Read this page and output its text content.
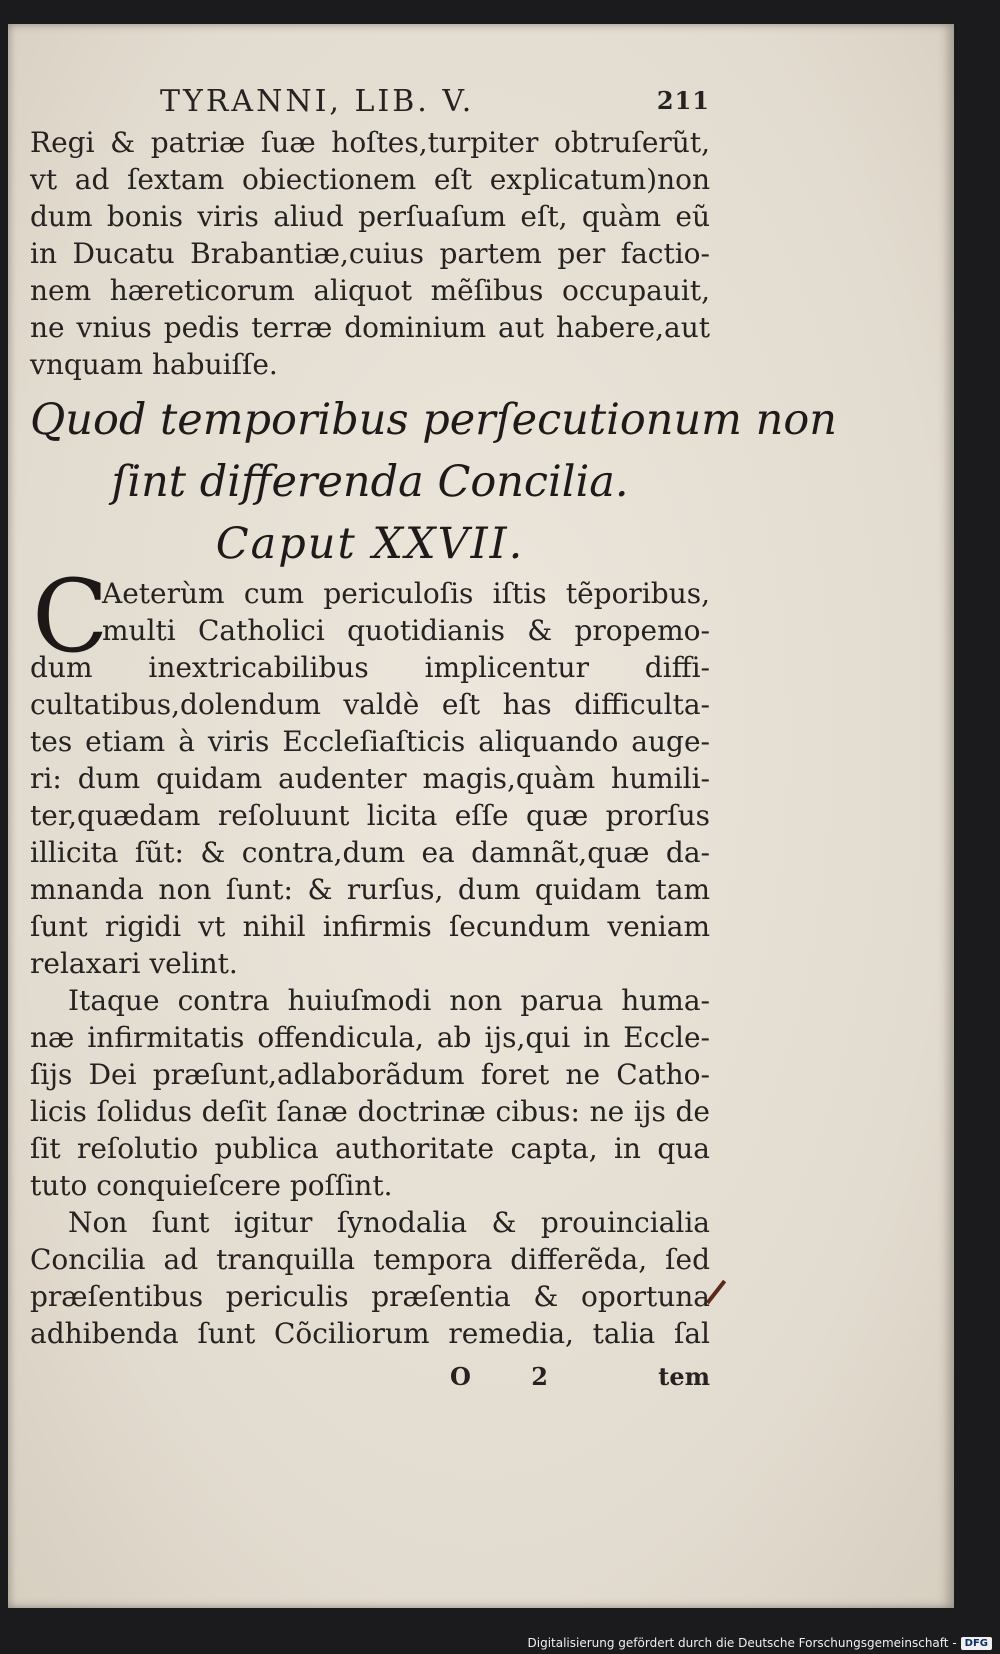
TYRANNI, LIB. V.	211
Regi & patriæ ſuæ hoſtes,turpiter obtruſerũt,
vt ad ſextam obiectionem eſt explicatum)non
dum bonis viris aliud perſuaſum eſt, quàm eũ
in Ducatu Brabantiæ,cuius partem per factio-
nem hæreticorum aliquot mẽſibus occupauit,
ne vnius pedis terræ dominium aut habere,aut
vnquam habuiſſe.
Quod temporibus perſecutionum non
ſint differenda Concilia.
Caput XXVII.
C
Aeterùm cum periculoſis iſtis tẽporibus,
multi Catholici quotidianis & propemo-
dum inextricabilibus implicentur diffi-
cultatibus,dolendum valdè eſt has difficulta-
tes etiam à viris Eccleſiaſticis aliquando auge-
ri: dum quidam audenter magis,quàm humili-
ter,quædam reſoluunt licita eſſe quæ prorſus
illicita ſũt: & contra,dum ea damnãt,quæ da-
mnanda non ſunt: & rurſus, dum quidam tam
ſunt rigidi vt nihil infirmis ſecundum veniam
relaxari velint.
Itaque contra huiuſmodi non parua huma-
næ infirmitatis offendicula, ab ijs,qui in Eccle-
ſijs Dei præſunt,adlaborãdum foret ne Catho-
licis ſolidus deſit ſanæ doctrinæ cibus: ne ijs de
ſit reſolutio publica authoritate capta, in qua
tuto conquieſcere poſſint.
Non ſunt igitur ſynodalia & prouincialia
Concilia ad tranquilla tempora differẽda, ſed
præſentibus periculis præſentia & oportuna
adhibenda ſunt Cõciliorum remedia, talia ſal
O 2	tem
Digitalisierung gefördert durch die Deutsche Forschungsgemeinschaft - DFG
